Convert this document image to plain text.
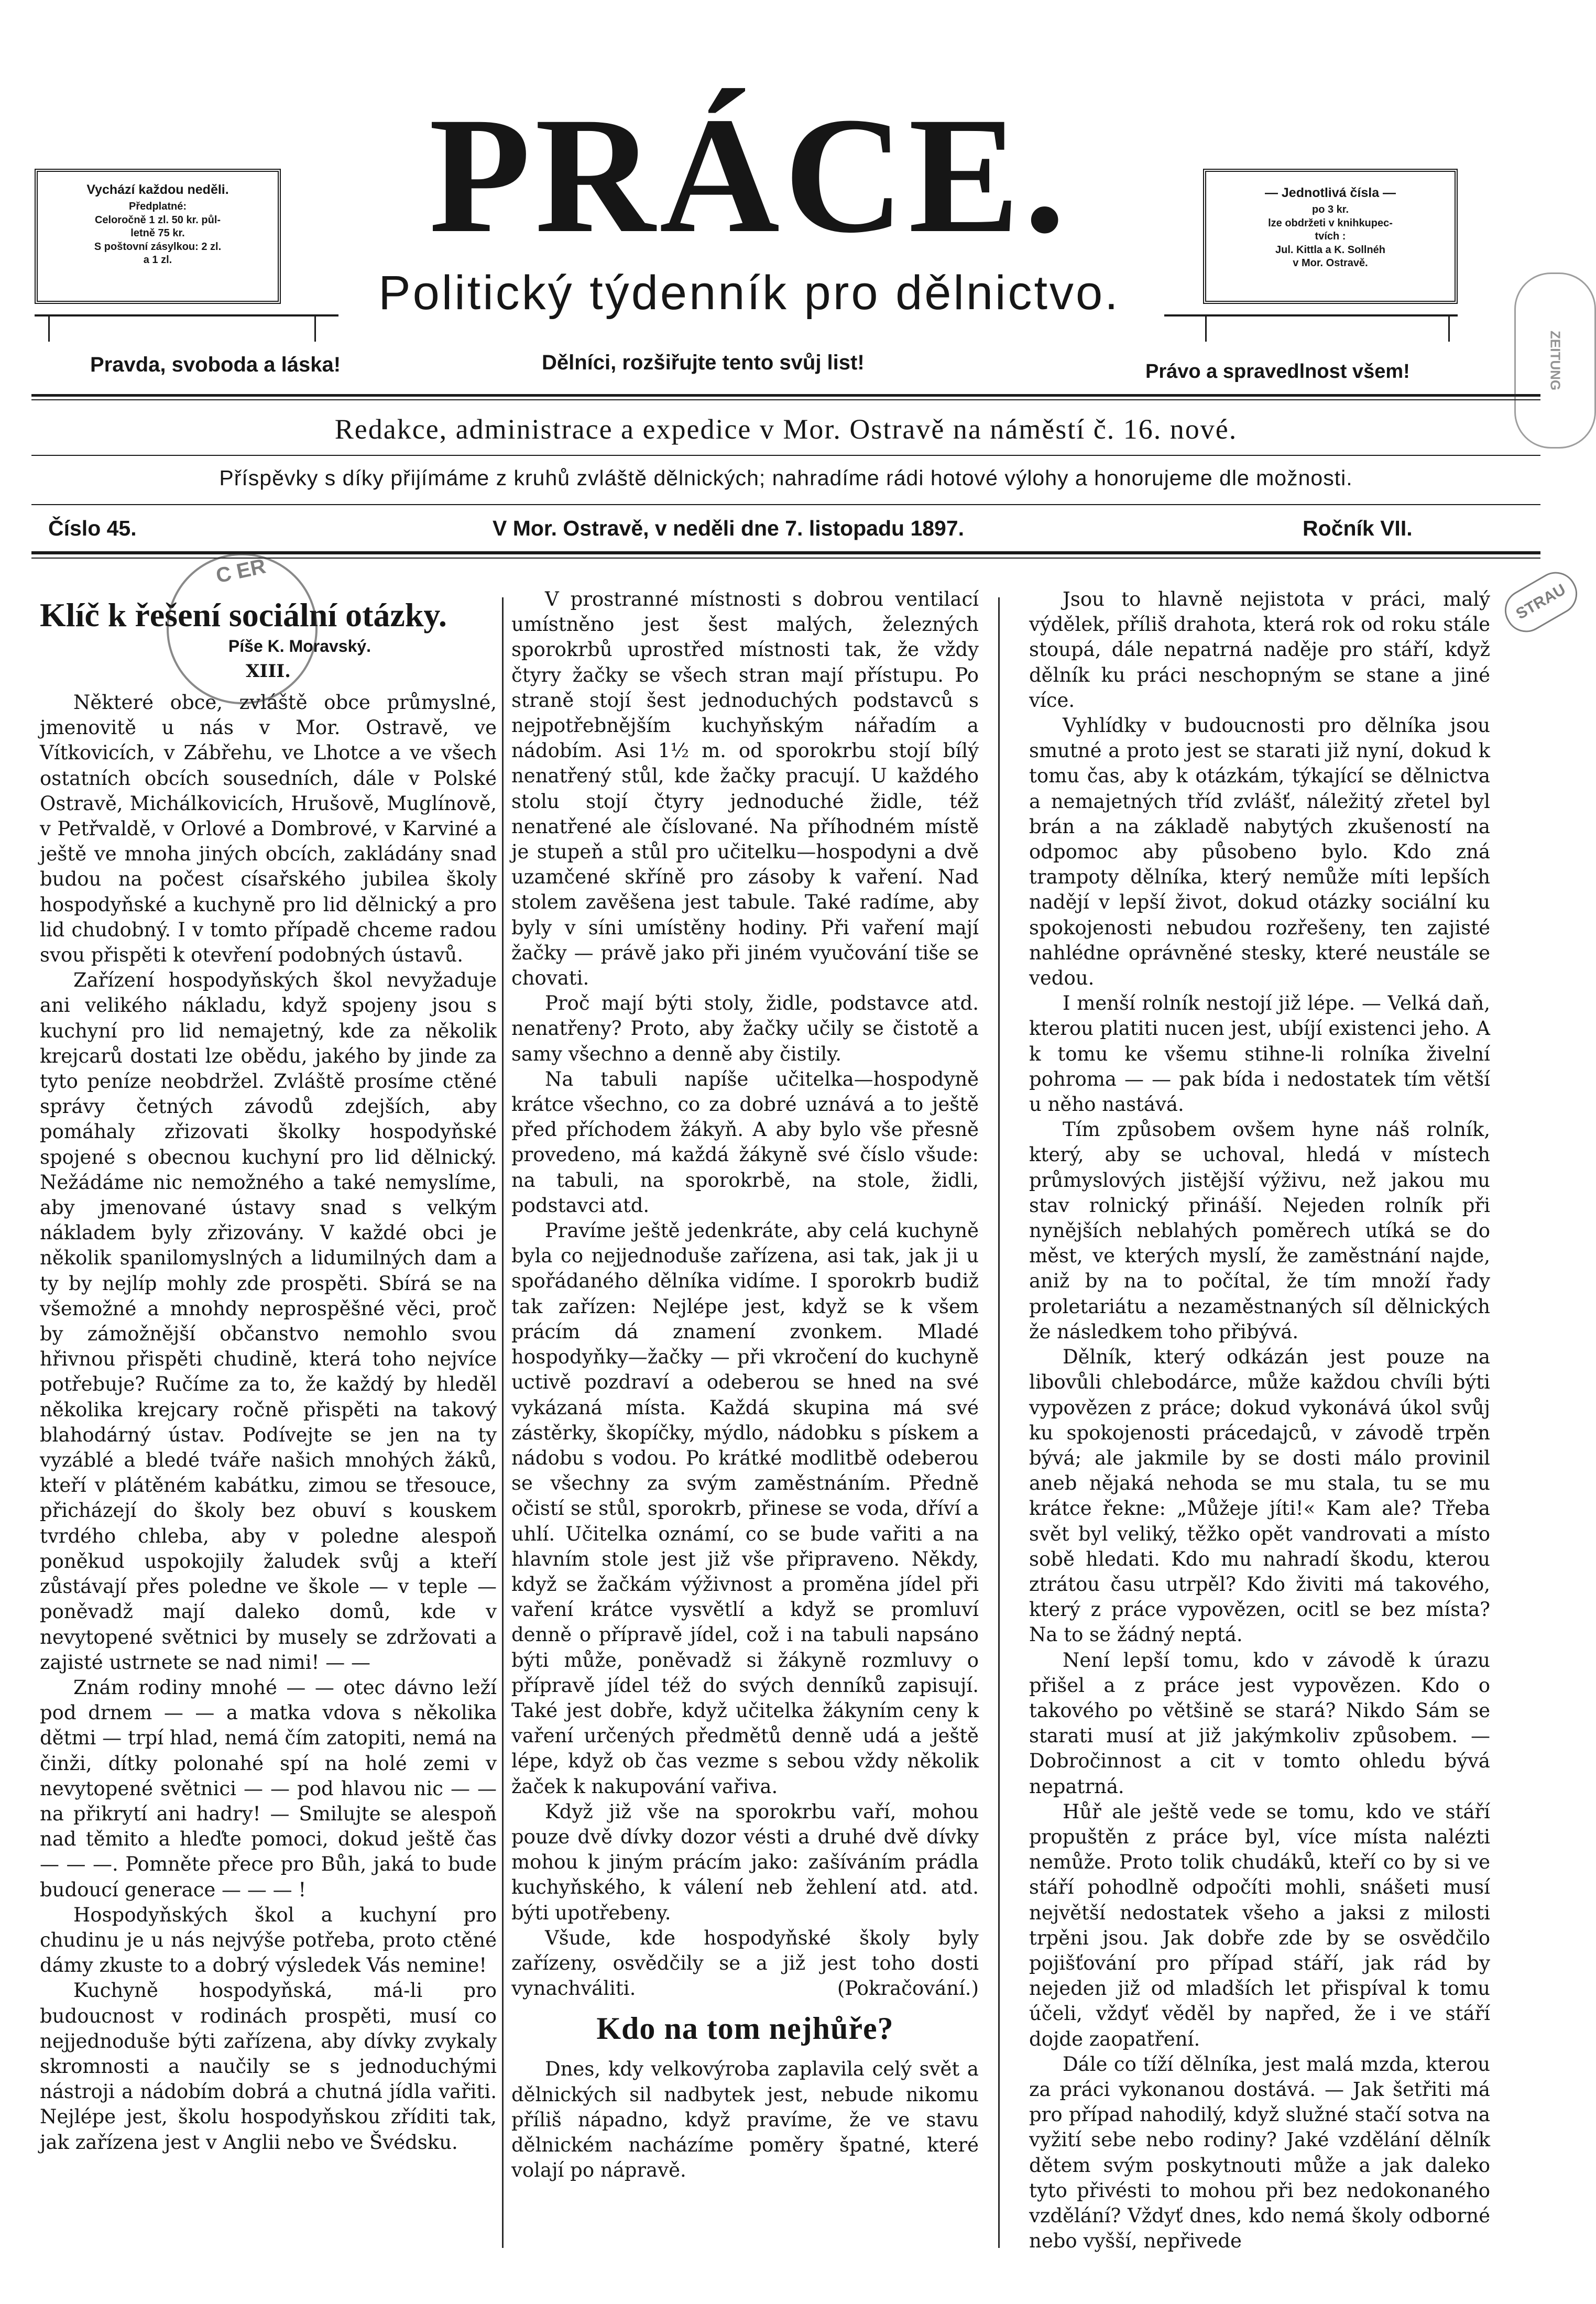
Vychází každou neděli.

Předplatné:

Celoročně 1 zl. 50 kr. půl-

letně 75 kr.

S poštovní zásylkou: 2 zl.

a 1 zl.	PRÁCE.

Politický týdenník pro dělnictvo.

— Jednotlivá čísla —

po 3 kr.

lze obdržeti v knihkupec-

tvích :

Jul. Kittla a K. Sollnéh

v Mor. Ostravě.

Pravda, svoboda a láska!	Dělníci, rozšiřujte tento svůj list!	Právo a spravedlnost všem!
Redakce, administrace a expedice v Mor. Ostravě na náměstí č. 16. nové.
Příspěvky s díky přijímáme z kruhů zvláště dělnických; nahradíme rádi hotové výlohy a honorujeme dle možnosti.
Číslo 45.	V Mor. Ostravě, v neděli dne 7. listopadu 1897.	Ročník VII.
Klíč k řešení sociální otázky.
Píše K. Moravský.
XIII.

Některé obce, zvláště obce průmyslné, jmenovitě u nás v Mor. Ostravě, ve Vítkovicích, v Zábřehu, ve Lhotce a ve všech ostatních obcích sousedních, dále v Polské Ostravě, Michálkovicích, Hrušově, Muglínově, v Petřvaldě, v Orlové a Dombrové, v Karviné a ještě ve mnoha jiných obcích, zakládány snad budou na počest císařského jubilea školy hospodyňské a kuchyně pro lid dělnický a pro lid chudobný. I v tomto případě chceme radou svou přispěti k otevření podobných ústavů.

Zařízení hospodyňských škol nevyžaduje ani velikého nákladu, když spojeny jsou s kuchyní pro lid nemajetný, kde za několik krejcarů dostati lze obědu, jakého by jinde za tyto peníze neobdržel. Zvláště prosíme ctěné správy četných závodů zdejších, aby pomáhaly zřizovati školky hospodyňské spojené s obecnou kuchyní pro lid dělnický. Nežádáme nic nemožného a také nemyslíme, aby jmenované ústavy snad s velkým nákladem byly zřizovány. V každé obci je několik spanilomyslných a lidumilných dam a ty by nejlíp mohly zde prospěti. Sbírá se na všemožné a mnohdy neprospěšné věci, proč by zámožnější občanstvo nemohlo svou hřivnou přispěti chudině, která toho nejvíce potřebuje? Ručíme za to, že každý by hleděl několika krejcary ročně přispěti na takový blahodárný ústav. Podívejte se jen na ty vyzáblé a bledé tváře našich mnohých žáků, kteří v plátěném kabátku, zimou se třesouce, přicházejí do školy bez obuví s kouskem tvrdého chleba, aby v poledne alespoň poněkud uspokojily žaludek svůj a kteří zůstávají přes poledne ve škole — v teple — poněvadž mají daleko domů, kde v nevytopené světnici by musely se zdržovati a zajisté ustrnete se nad nimi! — —

Znám rodiny mnohé — — otec dávno leží pod drnem — — a matka vdova s několika dětmi — trpí hlad, nemá čím zatopiti, nemá na činži, dítky polonahé spí na holé zemi v nevytopené světnici — — pod hlavou nic — — na přikrytí ani hadry! — Smilujte se alespoň nad těmito a hleďte pomoci, dokud ještě čas — — —. Pomněte přece pro Bůh, jaká to bude budoucí generace — — — !

Hospodyňských škol a kuchyní pro chudinu je u nás nejvýše potřeba, proto ctěné dámy zkuste to a dobrý výsledek Vás nemine!

Kuchyně hospodyňská, má-li pro budoucnost v rodinách prospěti, musí co nejjednoduše býti zařízena, aby dívky zvykaly skromnosti a naučily se s jednoduchými nástroji a nádobím dobrá a chutná jídla vařiti. Nejlépe jest, školu hospodyňskou zříditi tak, jak zařízena jest v Anglii nebo ve Švédsku.

V prostranné místnosti s dobrou ventilací umístněno jest šest malých, železných sporokrbů uprostřed místnosti tak, že vždy čtyry žačky se všech stran mají přístupu. Po straně stojí šest jednoduchých podstavců s nejpotřebnějším kuchyňským nářadím a nádobím. Asi 1½ m. od sporokrbu stojí bílý nenatřený stůl, kde žačky pracují. U každého stolu stojí čtyry jednoduché židle, též nenatřené ale číslované. Na příhodném místě je stupeň a stůl pro učitelku—hospodyni a dvě uzamčené skříně pro zásoby k vaření. Nad stolem zavěšena jest tabule. Také radíme, aby byly v síni umístěny hodiny. Při vaření mají žačky — právě jako při jiném vyučování tiše se chovati.

Proč mají býti stoly, židle, podstavce atd. nenatřeny? Proto, aby žačky učily se čistotě a samy všechno a denně aby čistily.

Na tabuli napíše učitelka—hospodyně krátce všechno, co za dobré uznává a to ještě před příchodem žákyň. A aby bylo vše přesně provedeno, má každá žákyně své číslo všude: na tabuli, na sporokrbě, na stole, židli, podstavci atd.

Pravíme ještě jedenkráte, aby celá kuchyně byla co nejjednoduše zařízena, asi tak, jak ji u spořádaného dělníka vidíme. I sporokrb budiž tak zařízen: Nejlépe jest, když se k všem prácím dá znamení zvonkem. Mladé hospodyňky—žačky — při vkročení do kuchyně uctivě pozdraví a odeberou se hned na své vykázaná místa. Každá skupina má své zástěrky, škopíčky, mýdlo, nádobku s pískem a nádobu s vodou. Po krátké modlitbě odeberou se všechny za svým zaměstnáním. Předně očistí se stůl, sporokrb, přinese se voda, dříví a uhlí. Učitelka oznámí, co se bude vařiti a na hlavním stole jest již vše připraveno. Někdy, když se žačkám výživnost a proměna jídel při vaření krátce vysvětlí a když se promluví denně o přípravě jídel, což i na tabuli napsáno býti může, poněvadž si žákyně rozmluvy o přípravě jídel též do svých denníků zapisují. Také jest dobře, když učitelka žákyním ceny k vaření určených předmětů denně udá a ještě lépe, když ob čas vezme s sebou vždy několik žaček k nakupování vařiva.

Když již vše na sporokrbu vaří, mohou pouze dvě dívky dozor vésti a druhé dvě dívky mohou k jiným prácím jako: zašíváním prádla kuchyňského, k válení neb žehlení atd. atd. býti upotřebeny.

Všude, kde hospodyňské školy byly zařízeny, osvědčily se a již jest toho dosti vynachváliti.	(Pokračování.)

Kdo na tom nejhůře?

Dnes, kdy velkovýroba zaplavila celý svět a dělnických sil nadbytek jest, nebude nikomu příliš nápadno, když pravíme, že ve stavu dělnickém nacházíme poměry špatné, které volají po nápravě.

Jsou to hlavně nejistota v práci, malý výdělek, příliš drahota, která rok od roku stále stoupá, dále nepatrná naděje pro stáří, když dělník ku práci neschopným se stane a jiné více.

Vyhlídky v budoucnosti pro dělníka jsou smutné a proto jest se starati již nyní, dokud k tomu čas, aby k otázkám, týkající se dělnictva a nemajetných tříd zvlášť, náležitý zřetel byl brán a na základě nabytých zkušeností na odpomoc aby působeno bylo. Kdo zná trampoty dělníka, který nemůže míti lepších nadějí v lepší život, dokud otázky sociální ku spokojenosti nebudou rozřešeny, ten zajisté nahlédne oprávněné stesky, které neustále se vedou.

I menší rolník nestojí již lépe. — Velká daň, kterou platiti nucen jest, ubíjí existenci jeho. A k tomu ke všemu stihne-li rolníka živelní pohroma — — pak bída i nedostatek tím větší u něho nastává.

Tím způsobem ovšem hyne náš rolník, který, aby se uchoval, hledá v místech průmyslových jistější výživu, než jakou mu stav rolnický přináší. Nejeden rolník při nynějších neblahých poměrech utíká se do měst, ve kterých myslí, že zaměstnání najde, aniž by na to počítal, že tím množí řady proletariátu a nezaměstnaných síl dělnických že následkem toho přibývá.

Dělník, který odkázán jest pouze na libovůli chlebodárce, může každou chvíli býti vypovězen z práce; dokud vykonává úkol svůj ku spokojenosti prácedajců, v závodě trpěn bývá; ale jakmile by se dosti málo provinil aneb nějaká nehoda se mu stala, tu se mu krátce řekne: „Můžeje jíti!« Kam ale? Třeba svět byl veliký, těžko opět vandrovati a místo sobě hledati. Kdo mu nahradí škodu, kterou ztrátou času utrpěl? Kdo živiti má takového, který z práce vypovězen, ocitl se bez místa? Na to se žádný neptá.

Není lepší tomu, kdo v závodě k úrazu přišel a z práce jest vypovězen. Kdo o takového po většině se stará? Nikdo Sám se starati musí at již jakýmkoliv způsobem. — Dobročinnost a cit v tomto ohledu bývá nepatrná.

Hůř ale ještě vede se tomu, kdo ve stáří propuštěn z práce byl, více místa nalézti nemůže. Proto tolik chudáků, kteří co by si ve stáří pohodlně odpočíti mohli, snášeti musí největší nedostatek všeho a jaksi z milosti trpěni jsou. Jak dobře zde by se osvědčilo pojišťování pro případ stáří, jak rád by nejeden již od mladších let přispíval k tomu účeli, vždyť věděl by napřed, že i ve stáří dojde zaopatření.

Dále co tíží dělníka, jest malá mzda, kterou za práci vykonanou dostává. — Jak šetřiti má pro případ nahodilý, když služné stačí sotva na vyžití sebe nebo rodiny? Jaké vzdělání dělník dětem svým poskytnouti může a jak daleko tyto přivésti to mohou při bez nedokonaného vzdělání? Vždyť dnes, kdo nemá školy odborné nebo vyšší, nepřivede

C ER
STRAU
ZEITUNG
